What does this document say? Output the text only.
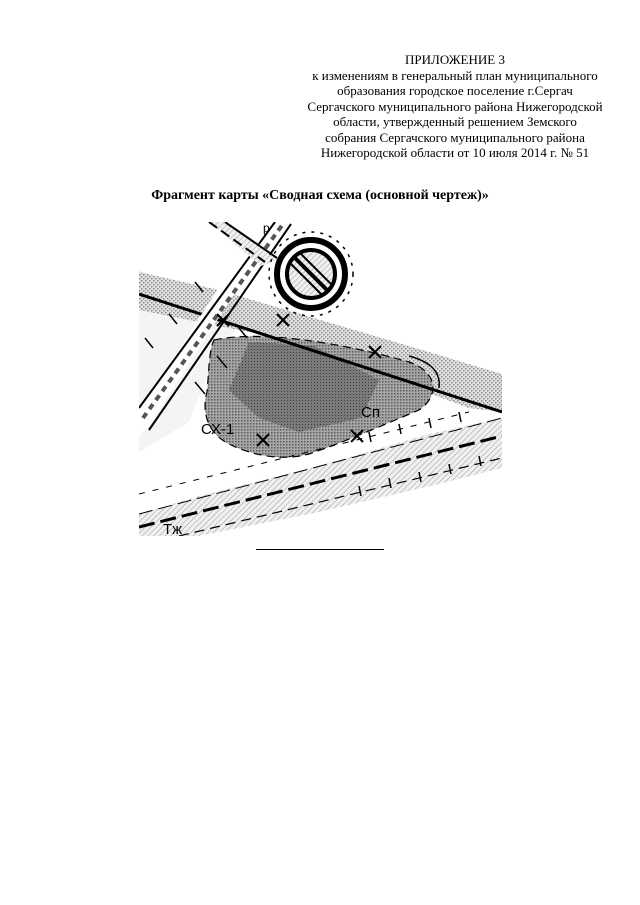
ПРИЛОЖЕНИЕ 3
к изменениям в генеральный план муниципального
образования городское поселение г.Сергач
Сергачского муниципального района Нижегородской
области, утвержденный решением Земского
собрания Сергачского муниципального района
Нижегородской области от 10 июля 2014 г. № 51
Фрагмент карты «Сводная схема (основной чертеж)»
СХ-1
Сп
Тж
р
